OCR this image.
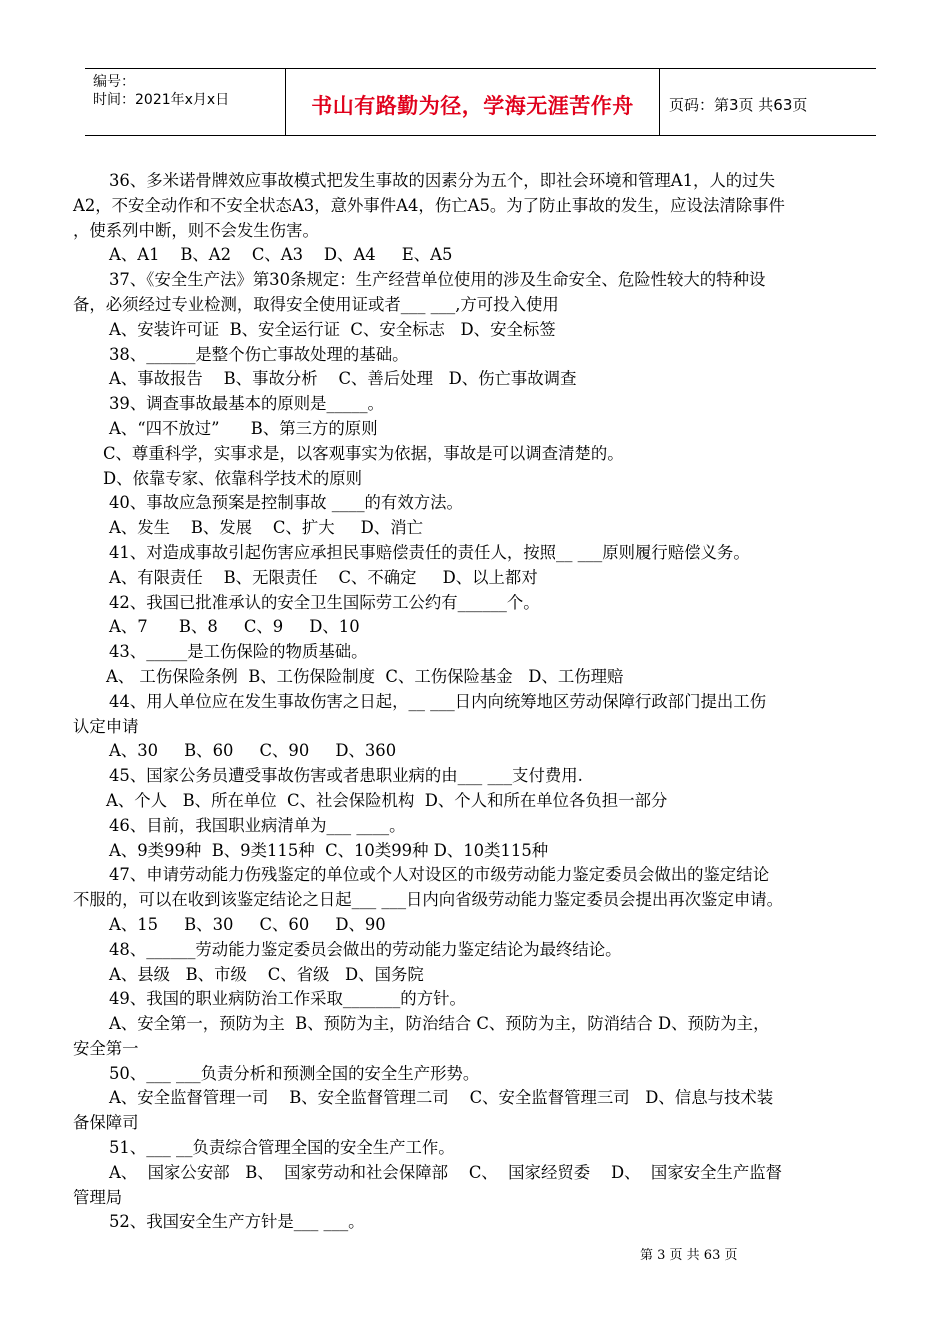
编号：
时间：2021年x月x日	书山有路勤为径，学海无涯苦作舟	页码：第3页 共63页
36、多米诺骨牌效应事故模式把发生事故的因素分为五个，即社会环境和管理A1，人的过失
A2，不安全动作和不安全状态A3，意外事件A4，伤亡A5。为了防止事故的发生，应设法清除事件
，使系列中断，则不会发生伤害。
A、A1    B、A2    C、A3    D、A4     E、A5
37、《安全生产法》第30条规定：生产经营单位使用的涉及生命安全、危险性较大的特种设
备，必须经过专业检测，取得安全使用证或者___ ___,方可投入使用
A、安装许可证  B、安全运行证  C、安全标志   D、安全标签
38、______是整个伤亡事故处理的基础。
A、事故报告    B、事故分析    C、善后处理   D、伤亡事故调查
39、调查事故最基本的原则是_____。
A、“四不放过”      B、第三方的原则
C、尊重科学，实事求是，以客观事实为依据，事故是可以调查清楚的。
D、依靠专家、依靠科学技术的原则
40、事故应急预案是控制事故 ____的有效方法。
A、发生    B、发展    C、扩大     D、消亡
41、对造成事故引起伤害应承担民事赔偿责任的责任人，按照__ ___原则履行赔偿义务。
A、有限责任    B、无限责任    C、不确定     D、以上都对
42、我国已批准承认的安全卫生国际劳工公约有______个。
A、7      B、8     C、9     D、10
43、_____是工伤保险的物质基础。
A、 工伤保险条例  B、工伤保险制度  C、工伤保险基金   D、工伤理赔
44、用人单位应在发生事故伤害之日起，__ ___日内向统筹地区劳动保障行政部门提出工伤
认定申请
A、30     B、60     C、90     D、360
45、国家公务员遭受事故伤害或者患职业病的由___ ___支付费用.
A、个人   B、所在单位  C、社会保险机构  D、个人和所在单位各负担一部分
46、目前，我国职业病清单为___ ____。
A、9类99种  B、9类115种  C、10类99种 D、10类115种
47、申请劳动能力伤残鉴定的单位或个人对设区的市级劳动能力鉴定委员会做出的鉴定结论
不服的，可以在收到该鉴定结论之日起___ ___日内向省级劳动能力鉴定委员会提出再次鉴定申请。
A、15     B、30     C、60     D、90
48、______劳动能力鉴定委员会做出的劳动能力鉴定结论为最终结论。
A、县级   B、市级    C、省级   D、国务院
49、我国的职业病防治工作采取_______的方针。
A、安全第一，预防为主  B、预防为主，防治结合 C、预防为主，防消结合 D、预防为主，
安全第一
50、___ ___负责分析和预测全国的安全生产形势。
A、安全监督管理一司    B、安全监督管理二司    C、安全监督管理三司   D、信息与技术装
备保障司
51、___ __负责综合管理全国的安全生产工作。
A、  国家公安部   B、  国家劳动和社会保障部    C、  国家经贸委    D、  国家安全生产监督
管理局
52、我国安全生产方针是___ ___。
第 3 页 共 63 页
